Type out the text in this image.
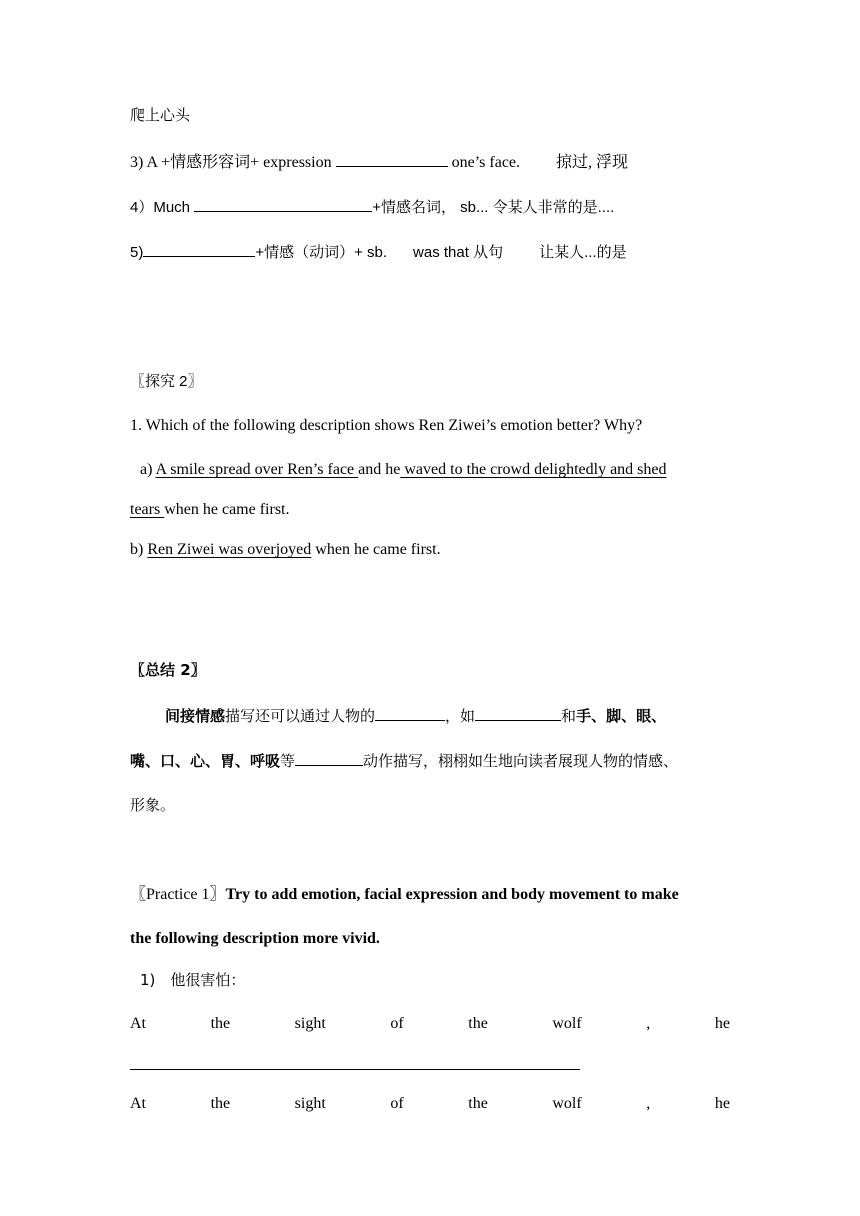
爬上心头
3) A +情感形容词+ expression	one’s face. 掠过, 浮现
4）Much	+情感名词， sb... 令某人非常的是....
5)	+情感（动词）+ sb. was that 从句 让某人...的是
〖探究 2〗
1. Which of the following description shows Ren Ziwei’s emotion better? Why?
a) A smile spread over Ren’s face and he waved to the crowd delightedly and shed
tears when he came first.
b) Ren Ziwei was overjoyed when he came first.
〖总结 2〗
间接情感描写还可以通过人物的	，如	和手、脚、眼、
嘴、口、心、胃、呼吸等	动作描写，栩栩如生地向读者展现人物的情感、
形象。
〖Practice 1〗Try to add emotion, facial expression and body movement to make
the following description more vivid.
1)　他很害怕：
At	the	sight	of	the	wolf	,	he
At	the	sight	of	the	wolf	,	he
